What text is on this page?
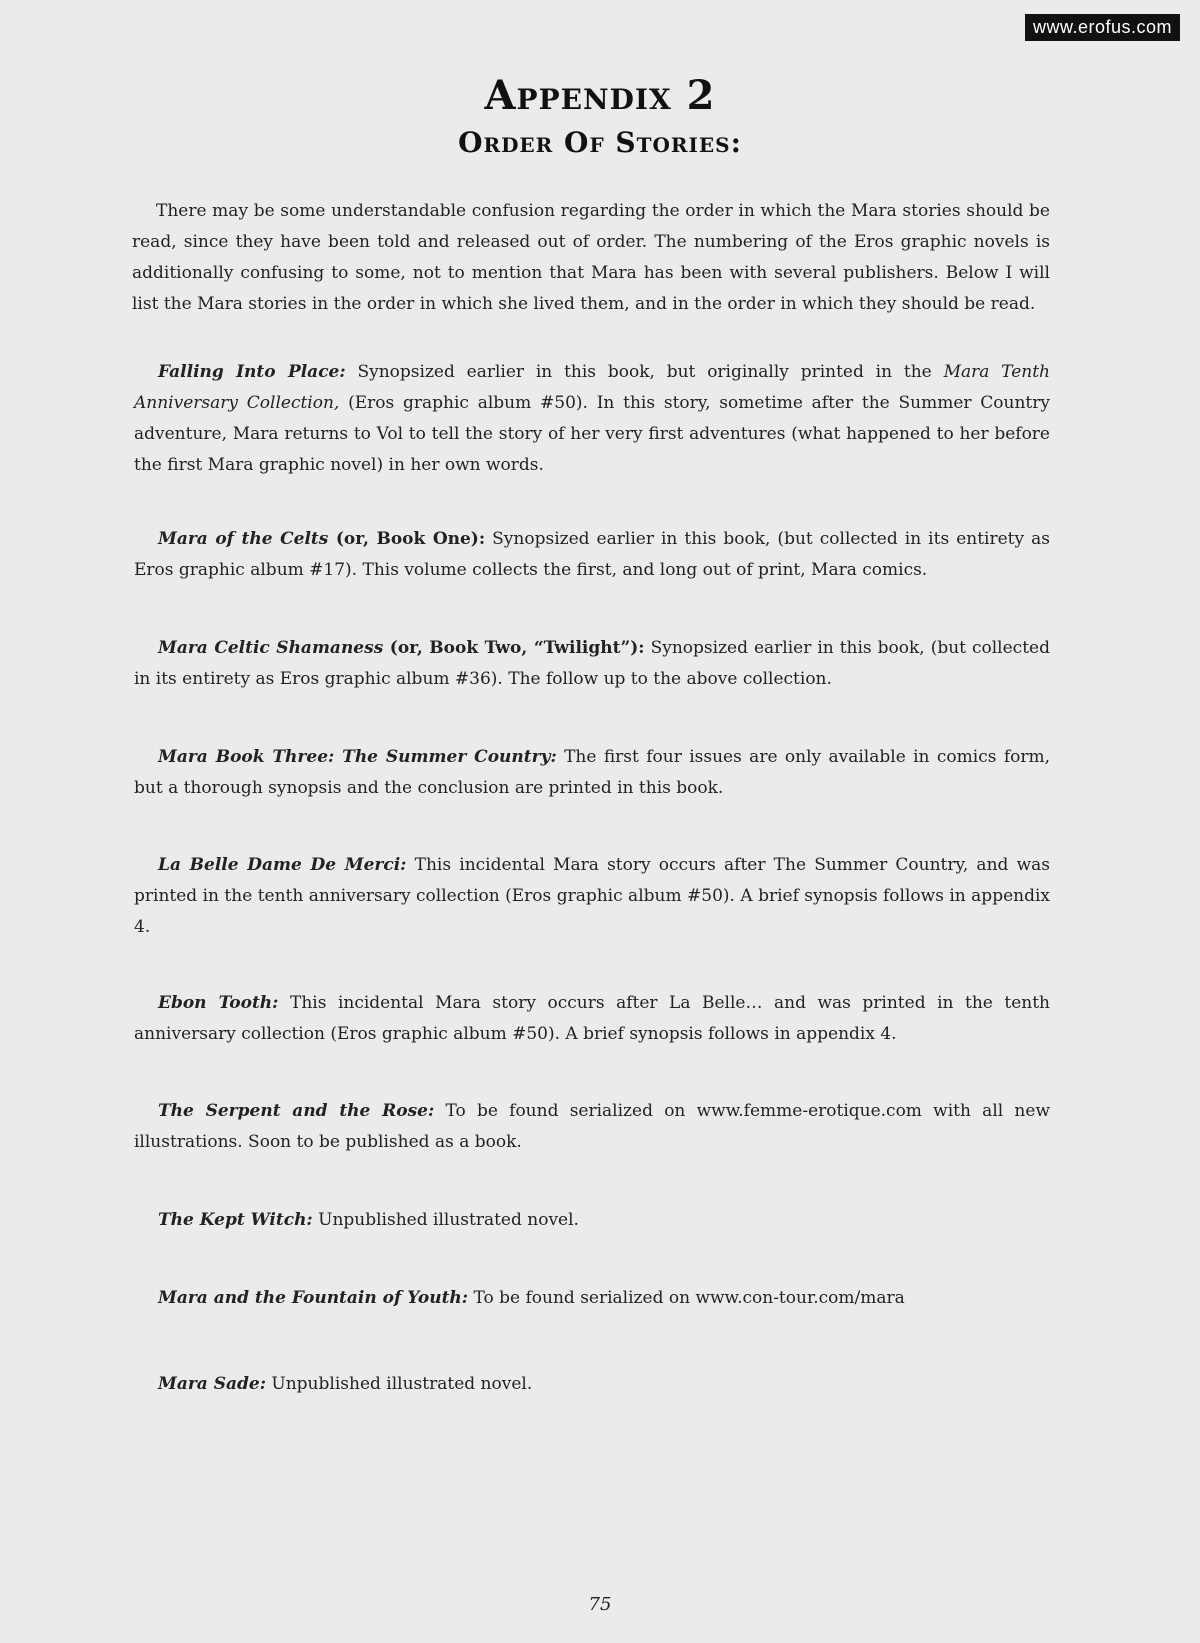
www.erofus.com
Appendix 2
Order Of Stories:

There may be some understandable confusion regarding the order in which the Mara stories should be read, since they have been told and released out of order. The numbering of the Eros graphic novels is additionally confusing to some, not to mention that Mara has been with several publishers. Below I will list the Mara stories in the order in which she lived them, and in the order in which they should be read.

Falling Into Place: Synopsized earlier in this book, but originally printed in the Mara Tenth Anniversary Collection, (Eros graphic album #50). In this story, sometime after the Summer Country adventure, Mara returns to Vol to tell the story of her very first adventures (what happened to her before the first Mara graphic novel) in her own words.

Mara of the Celts (or, Book One): Synopsized earlier in this book, (but collected in its entirety as Eros graphic album #17). This volume collects the first, and long out of print, Mara comics.

Mara Celtic Shamaness (or, Book Two, “Twilight”): Synopsized earlier in this book, (but collected in its entirety as Eros graphic album #36). The follow up to the above collection.

Mara Book Three: The Summer Country: The first four issues are only available in comics form, but a thorough synopsis and the conclusion are printed in this book.

La Belle Dame De Merci: This incidental Mara story occurs after The Summer Country, and was printed in the tenth anniversary collection (Eros graphic album #50). A brief synopsis follows in appendix 4.

Ebon Tooth: This incidental Mara story occurs after La Belle… and was printed in the tenth anniversary collection (Eros graphic album #50). A brief synopsis follows in appendix 4.

The Serpent and the Rose: To be found serialized on www.femme-erotique.com with all new illustrations. Soon to be published as a book.

The Kept Witch: Unpublished illustrated novel.

Mara and the Fountain of Youth: To be found serialized on www.con-tour.com/mara

Mara Sade: Unpublished illustrated novel.

75
